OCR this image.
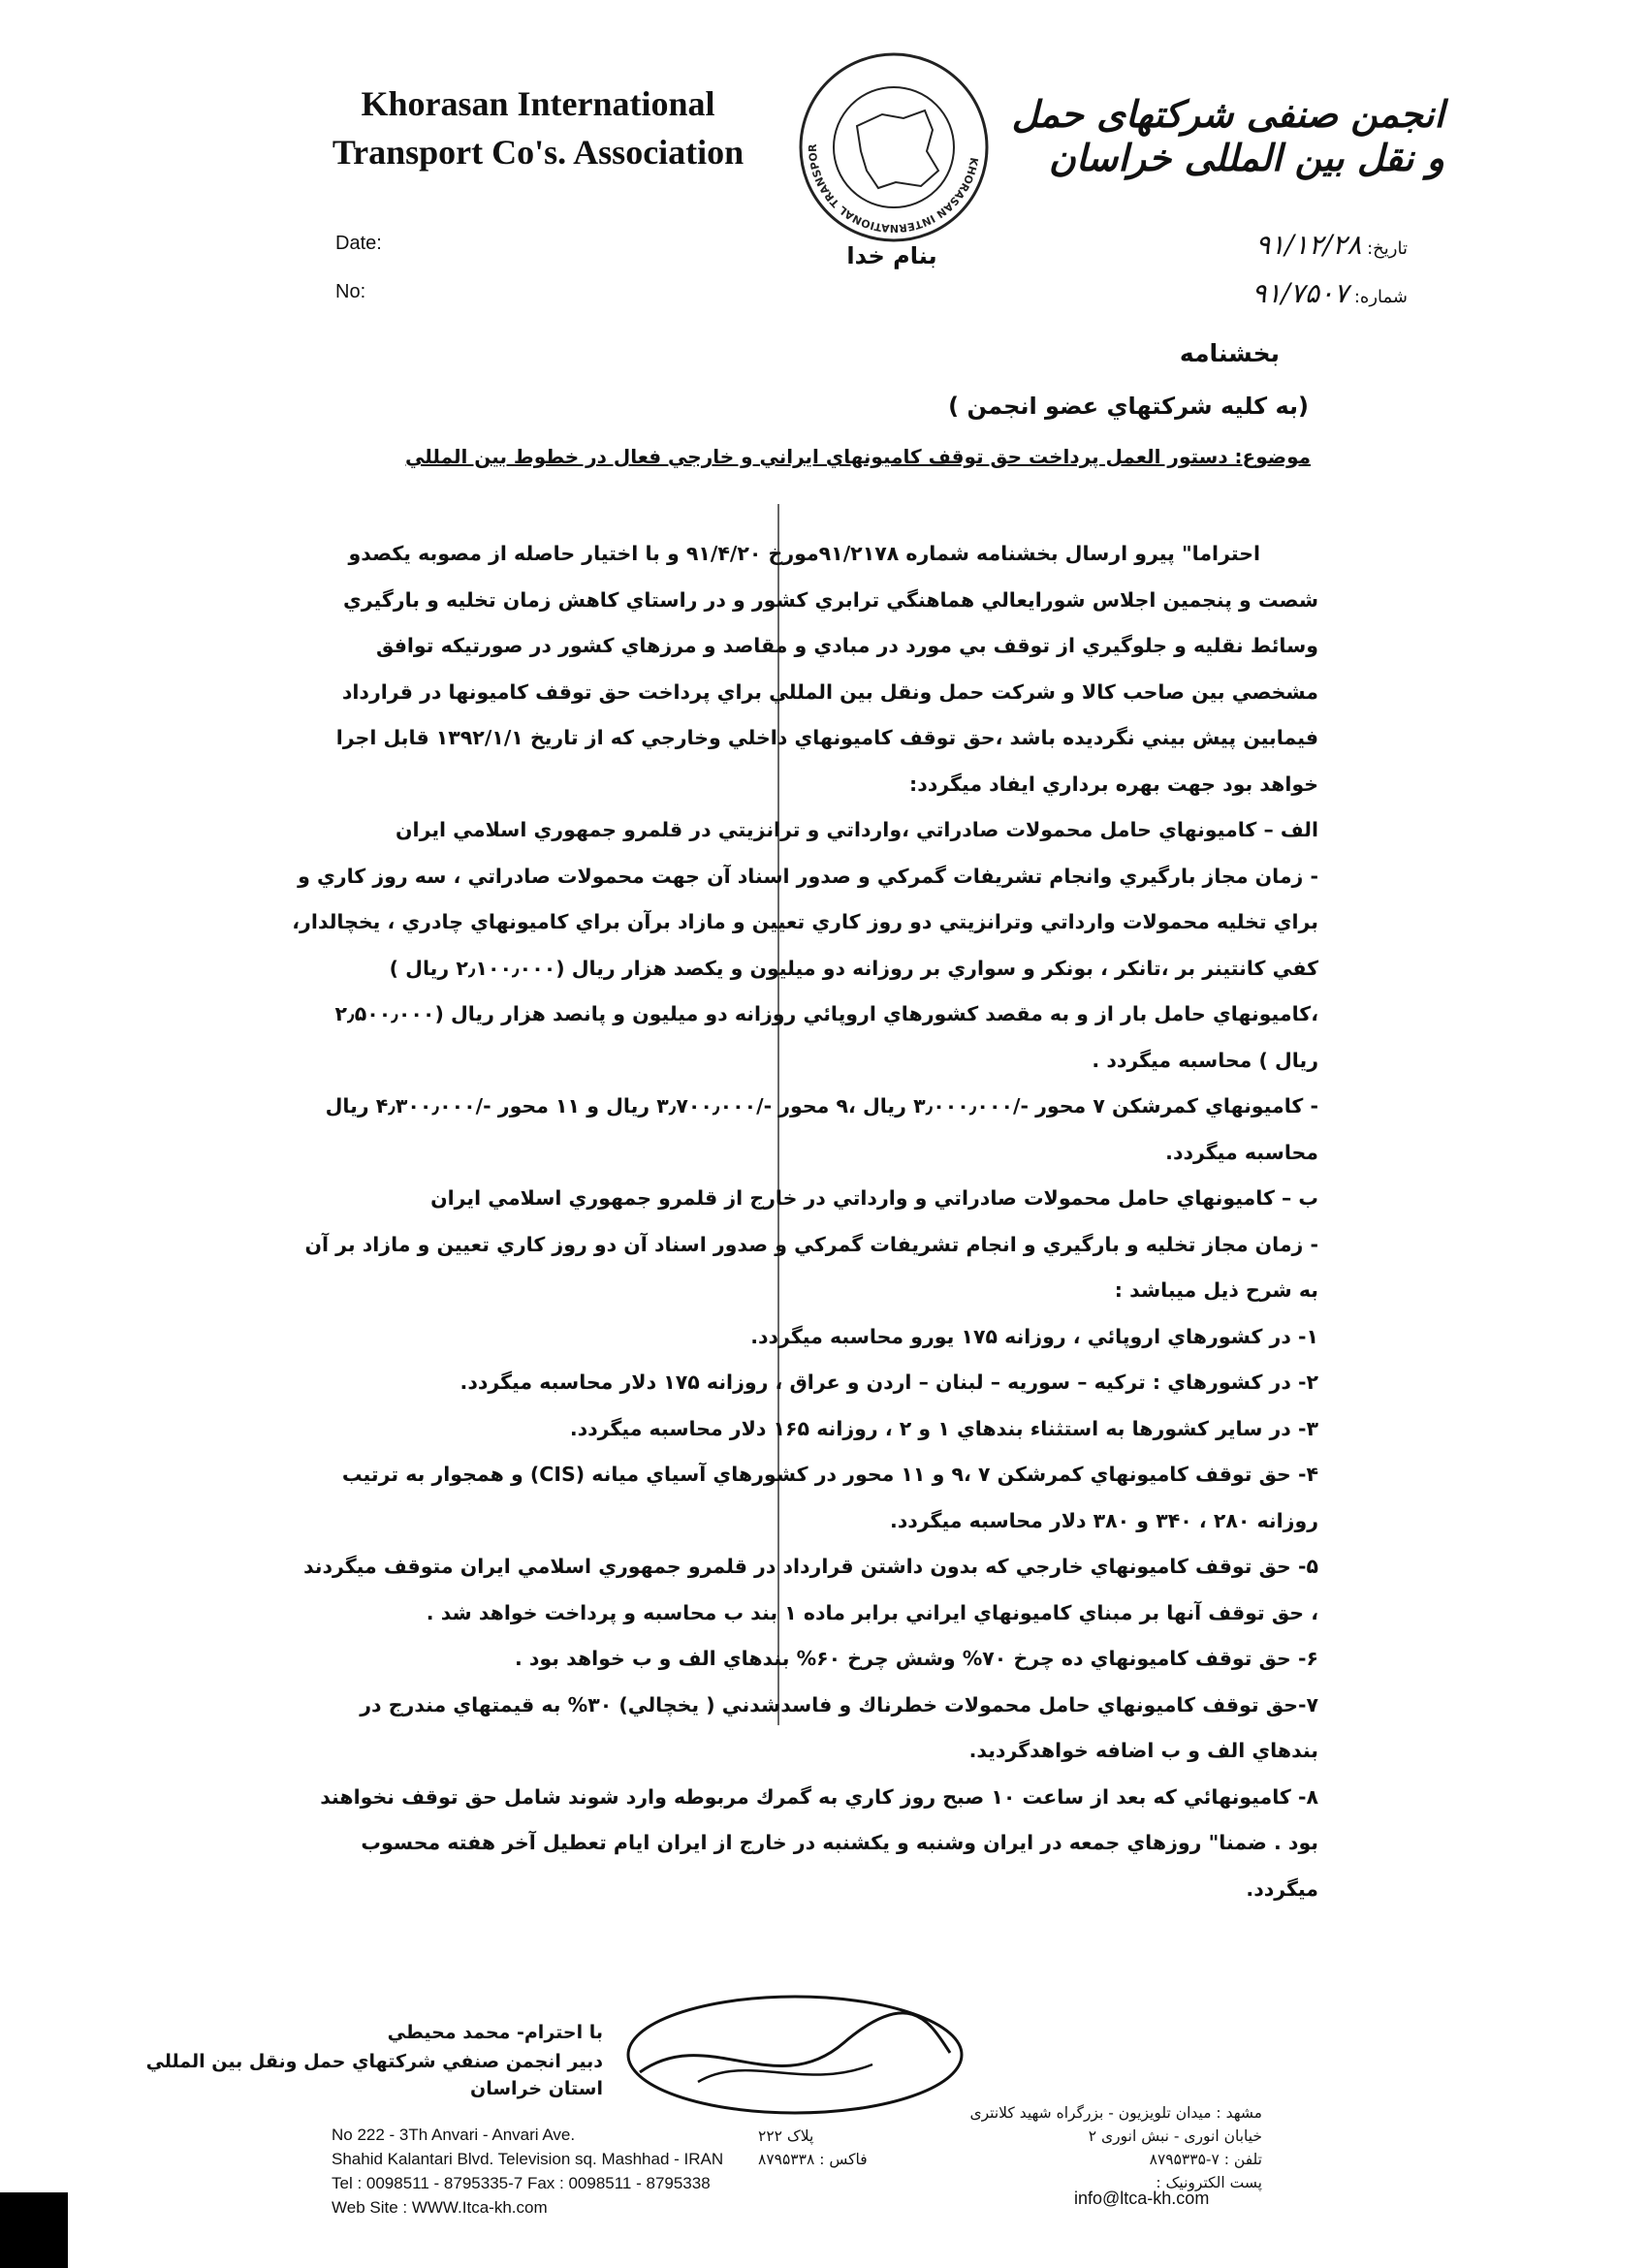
Khorasan International
Transport Co's. Association	KHORASAN INTERNATIONAL TRANSPOR
انجمن صنفی شرکتهای حمل و نقل بین المللی خراسان
بنام خدا
Date:
No:
تاریخ: ۹۱/۱۲/۲۸
شماره: ۹۱/۷۵۰۷
بخشنامه
(به كليه شركتهاي عضو انجمن )
موضوع: دستور العمل پرداخت حق توقف كاميونهاي ايراني و خارجي فعال در خطوط بين المللي

احتراما" پيرو ارسال بخشنامه شماره ۹۱/۲۱۷۸مورخ ۹۱/۴/۲۰ و با اختيار حاصله از مصوبه يكصدو شصت و پنجمين اجلاس شورايعالي هماهنگي ترابري كشور و در راستاي كاهش زمان تخليه و بارگيري وسائط نقليه و جلوگيري از توقف بي مورد در مبادي و مقاصد و مرزهاي كشور در صورتيكه توافق مشخصي بين صاحب كالا و شركت حمل ونقل بين المللي براي پرداخت حق توقف كاميونها در قرارداد فيمابين پيش بيني نگرديده باشد ،حق توقف كاميونهاي داخلي وخارجي كه از تاريخ ۱۳۹۲/۱/۱ قابل اجرا خواهد بود جهت بهره برداري ايفاد ميگردد:

الف – كاميونهاي حامل محمولات صادراتي ،وارداتي و ترانزيتي در قلمرو جمهوري اسلامي ايران

- زمان مجاز بارگيري وانجام تشريفات گمركي و صدور اسناد آن جهت محمولات صادراتي ، سه روز كاري و براي تخليه محمولات وارداتي وترانزيتي دو روز كاري تعيين و مازاد برآن براي كاميونهاي چادري ، يخچالدار، كفي كانتينر بر ،تانكر ، بونكر و سواري بر روزانه دو ميليون و يكصد هزار ريال (۲٫۱۰۰٫۰۰۰ ريال ) ،كاميونهاي حامل بار از و به مقصد كشورهاي اروپائي روزانه دو ميليون و پانصد هزار ريال (۲٫۵۰۰٫۰۰۰ ريال ) محاسبه ميگردد .

- كاميونهاي كمرشكن ۷ محور -/۳٫۰۰۰٫۰۰۰ ريال ،۹ محور -/۳٫۷۰۰٫۰۰۰ ريال و ۱۱ محور -/۴٫۳۰۰٫۰۰۰ ريال محاسبه ميگردد.

ب – كاميونهاي حامل محمولات صادراتي و وارداتي در خارج از قلمرو جمهوري اسلامي ايران

- زمان مجاز تخليه و بارگيري و انجام تشريفات گمركي و صدور اسناد آن دو روز كاري تعيين و مازاد بر آن به شرح ذيل ميباشد :

۱- در كشورهاي اروپائي ، روزانه ۱۷۵ يورو محاسبه ميگردد.

۲- در كشورهاي : تركيه – سوريه – لبنان – اردن و عراق ، روزانه ۱۷۵ دلار محاسبه ميگردد.

۳- در ساير كشورها به استثناء بندهاي ۱ و ۲ ، روزانه ۱۶۵ دلار محاسبه ميگردد.

۴- حق توقف كاميونهاي كمرشكن ۷ ،۹ و ۱۱ محور در كشورهاي آسياي ميانه (CIS) و همجوار به ترتيب روزانه ۲۸۰ ، ۳۴۰ و ۳۸۰ دلار محاسبه ميگردد.

۵- حق توقف كاميونهاي خارجي كه بدون داشتن قرارداد در قلمرو جمهوري اسلامي ايران متوقف ميگردند ، حق توقف آنها بر مبناي كاميونهاي ايراني برابر ماده ۱ بند ب محاسبه و پرداخت خواهد شد .

۶- حق توقف كاميونهاي ده چرخ ۷۰% وشش چرخ ۶۰% بندهاي الف و ب خواهد بود .

۷-حق توقف كاميونهاي حامل محمولات خطرناك و فاسدشدني ( يخچالي) ۳۰% به قيمتهاي مندرج در بندهاي الف و ب اضافه خواهدگرديد.

۸- كاميونهائي كه بعد از ساعت ۱۰ صبح روز كاري به گمرك مربوطه وارد شوند شامل حق توقف نخواهند بود . ضمنا" روزهاي جمعه در ايران وشنبه و يكشنبه در خارج از ايران ايام تعطيل آخر هفته محسوب ميگردد.

با احترام- محمد محيطي
دبير انجمن صنفي شركتهاي حمل ونقل بين المللي
استان خراسان
No 222 - 3Th Anvari - Anvari Ave.
Shahid Kalantari Blvd. Television sq. Mashhad - IRAN
Tel : 0098511 - 8795335-7 Fax : 0098511 - 8795338
Web Site : WWW.Itca-kh.com
مشهد : میدان تلویزیون - بزرگراه شهید کلانتری
خیابان انوری - نبش انوری ۲
پلاک ۲۲۲
تلفن : ۷-۸۷۹۵۳۳۵
فاکس : ۸۷۹۵۳۳۸
پست الکترونیک :
info@ltca-kh.com
